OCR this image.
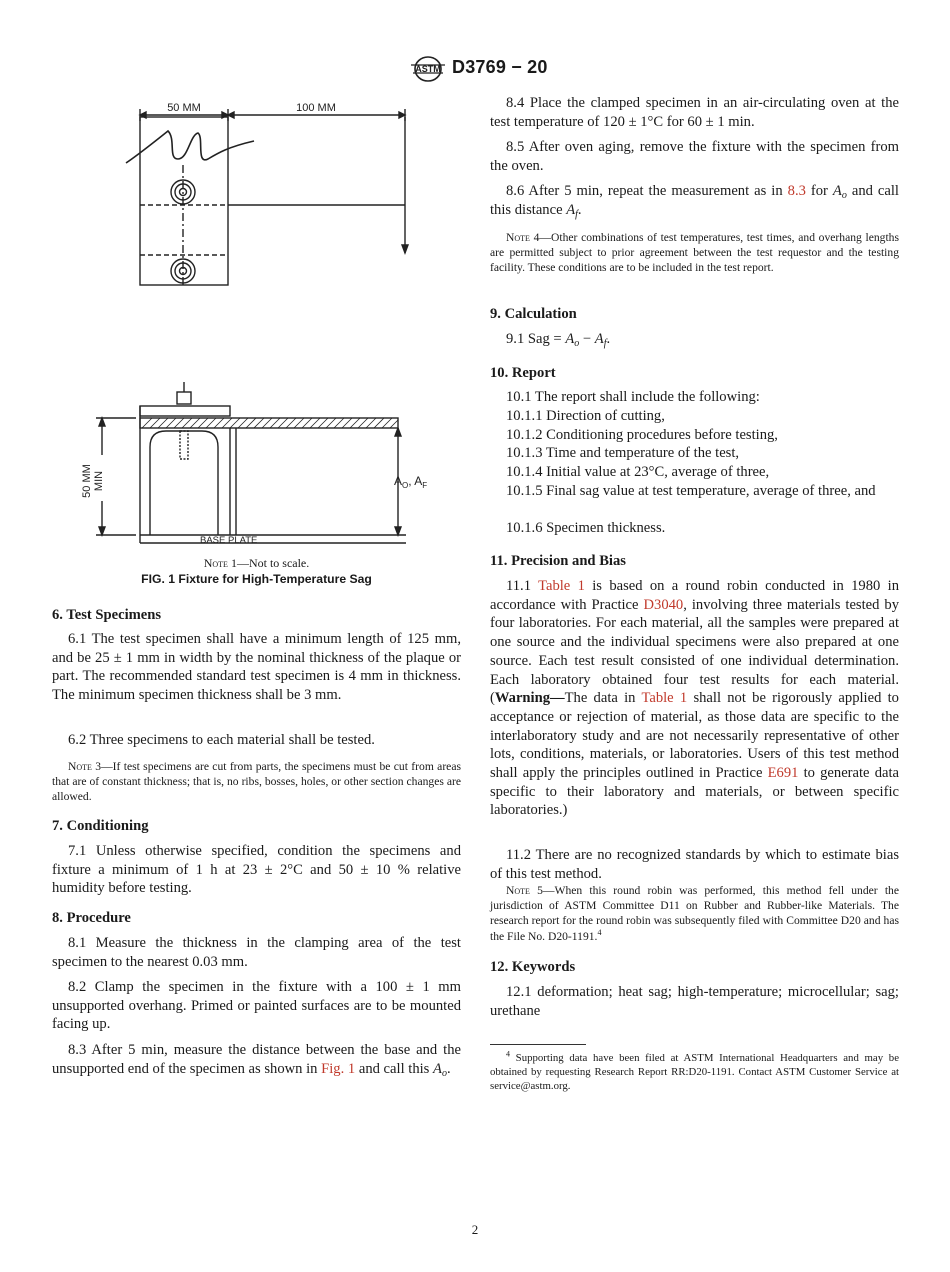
ASTM D3769 − 20
50 MM	100 MM
50 MM MIN	$A_O$, $A_F$
BASE PLATE
Note 1—Not to scale.
FIG. 1 Fixture for High-Temperature Sag

6. Test Specimens

6.1 The test specimen shall have a minimum length of 125 mm, and be 25 ± 1 mm in width by the nominal thickness of the plaque or part. The recommended standard test specimen is 4 mm in thickness. The minimum specimen thickness shall be 3 mm.

6.2 Three specimens to each material shall be tested.

Note 3—If test specimens are cut from parts, the specimens must be cut from areas that are of constant thickness; that is, no ribs, bosses, holes, or other section changes are allowed.

7. Conditioning

7.1 Unless otherwise specified, condition the specimens and fixture a minimum of 1 h at 23 ± 2°C and 50 ± 10 % relative humidity before testing.

8. Procedure

8.1 Measure the thickness in the clamping area of the test specimen to the nearest 0.03 mm.

8.2 Clamp the specimen in the fixture with a 100 ± 1 mm unsupported overhang. Primed or painted surfaces are to be mounted facing up.

8.3 After 5 min, measure the distance between the base and the unsupported end of the specimen as shown in Fig. 1 and call this $A_o$.

8.4 Place the clamped specimen in an air-circulating oven at the test temperature of 120 ± 1°C for 60 ± 1 min.

8.5 After oven aging, remove the fixture with the specimen from the oven.

8.6 After 5 min, repeat the measurement as in 8.3 for $A_o$ and call this distance $A_f$.

Note 4—Other combinations of test temperatures, test times, and overhang lengths are permitted subject to prior agreement between the test requestor and the testing facility. These conditions are to be included in the test report.

9. Calculation

9.1 Sag = $A_o - A_f$.

10. Report

10.1 The report shall include the following:

10.1.1 Direction of cutting,

10.1.2 Conditioning procedures before testing,

10.1.3 Time and temperature of the test,

10.1.4 Initial value at 23°C, average of three,

10.1.5 Final sag value at test temperature, average of three, and

10.1.6 Specimen thickness.

11. Precision and Bias

11.1 Table 1 is based on a round robin conducted in 1980 in accordance with Practice D3040, involving three materials tested by four laboratories. For each material, all the samples were prepared at one source and the individual specimens were also prepared at one source. Each test result consisted of one individual determination. Each laboratory obtained four test results for each material. (Warning—The data in Table 1 shall not be rigorously applied to acceptance or rejection of material, as those data are specific to the interlaboratory study and are not necessarily representative of other lots, conditions, materials, or laboratories. Users of this test method shall apply the principles outlined in Practice E691 to generate data specific to their laboratory and materials, or between specific laboratories.)

11.2 There are no recognized standards by which to estimate bias of this test method.

Note 5—When this round robin was performed, this method fell under the jurisdiction of ASTM Committee D11 on Rubber and Rubber-like Materials. The research report for the round robin was subsequently filed with Committee D20 and has the File No. D20-1191.$^4$

12. Keywords

12.1 deformation; heat sag; high-temperature; microcellular; sag; urethane

$^4$ Supporting data have been filed at ASTM International Headquarters and may be obtained by requesting Research Report RR:D20-1191. Contact ASTM Customer Service at service@astm.org.

2
